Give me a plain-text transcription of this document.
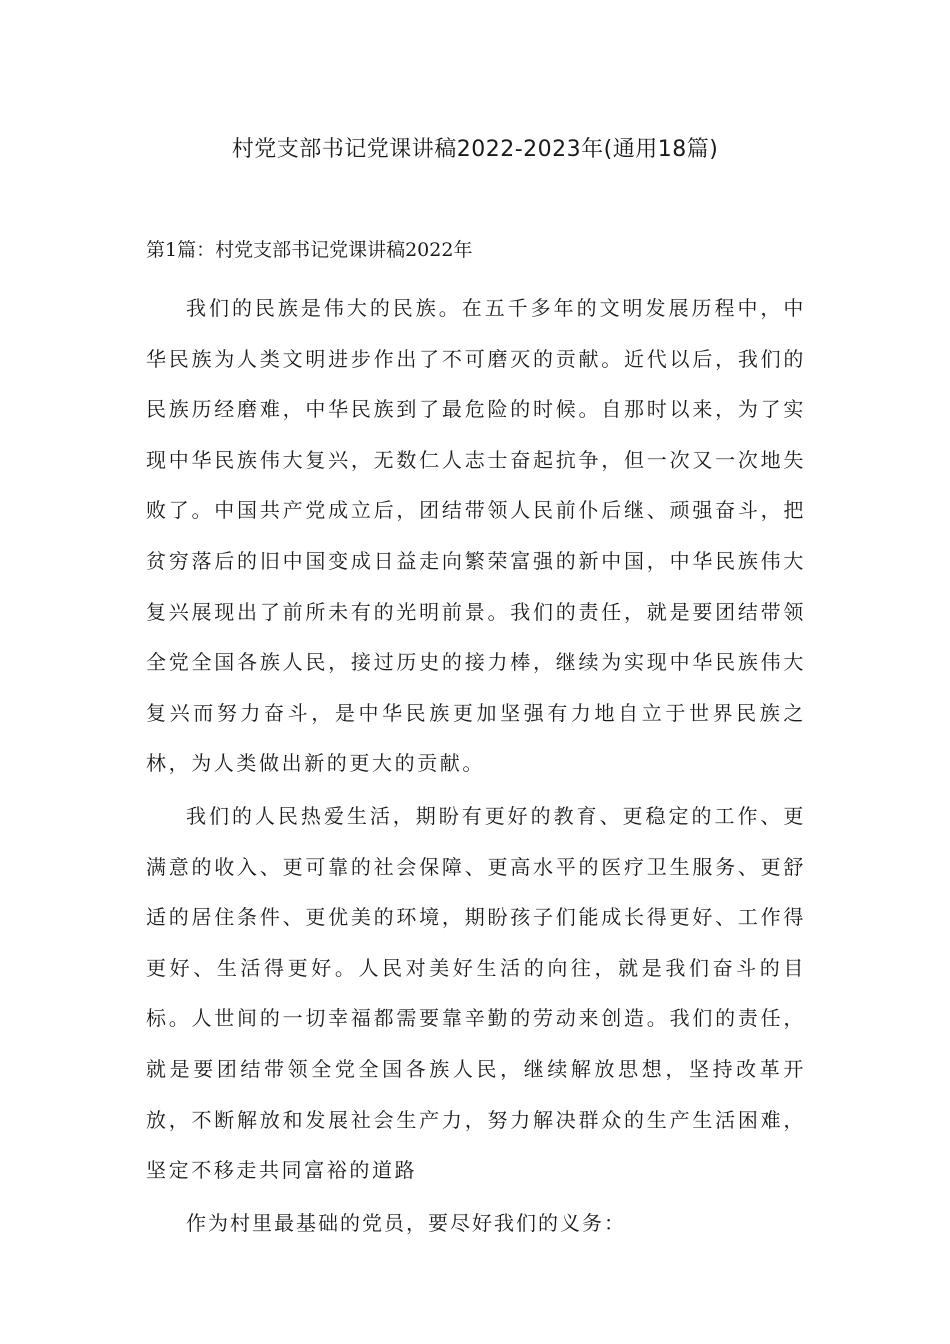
村党支部书记党课讲稿2022-2023年(通用18篇)
第1篇：村党支部书记党课讲稿2022年

我们的民族是伟大的民族。在五千多年的文明发展历程中，中华民族为人类文明进步作出了不可磨灭的贡献。近代以后，我们的民族历经磨难，中华民族到了最危险的时候。自那时以来，为了实现中华民族伟大复兴，无数仁人志士奋起抗争，但一次又一次地失败了。中国共产党成立后，团结带领人民前仆后继、顽强奋斗，把贫穷落后的旧中国变成日益走向繁荣富强的新中国，中华民族伟大复兴展现出了前所未有的光明前景。我们的责任，就是要团结带领全党全国各族人民，接过历史的接力棒，继续为实现中华民族伟大复兴而努力奋斗，是中华民族更加坚强有力地自立于世界民族之林，为人类做出新的更大的贡献。

我们的人民热爱生活，期盼有更好的教育、更稳定的工作、更满意的收入、更可靠的社会保障、更高水平的医疗卫生服务、更舒适的居住条件、更优美的环境，期盼孩子们能成长得更好、工作得更好、生活得更好。人民对美好生活的向往，就是我们奋斗的目标。人世间的一切幸福都需要靠辛勤的劳动来创造。我们的责任，就是要团结带领全党全国各族人民，继续解放思想，坚持改革开放，不断解放和发展社会生产力，努力解决群众的生产生活困难，坚定不移走共同富裕的道路

作为村里最基础的党员，要尽好我们的义务：
